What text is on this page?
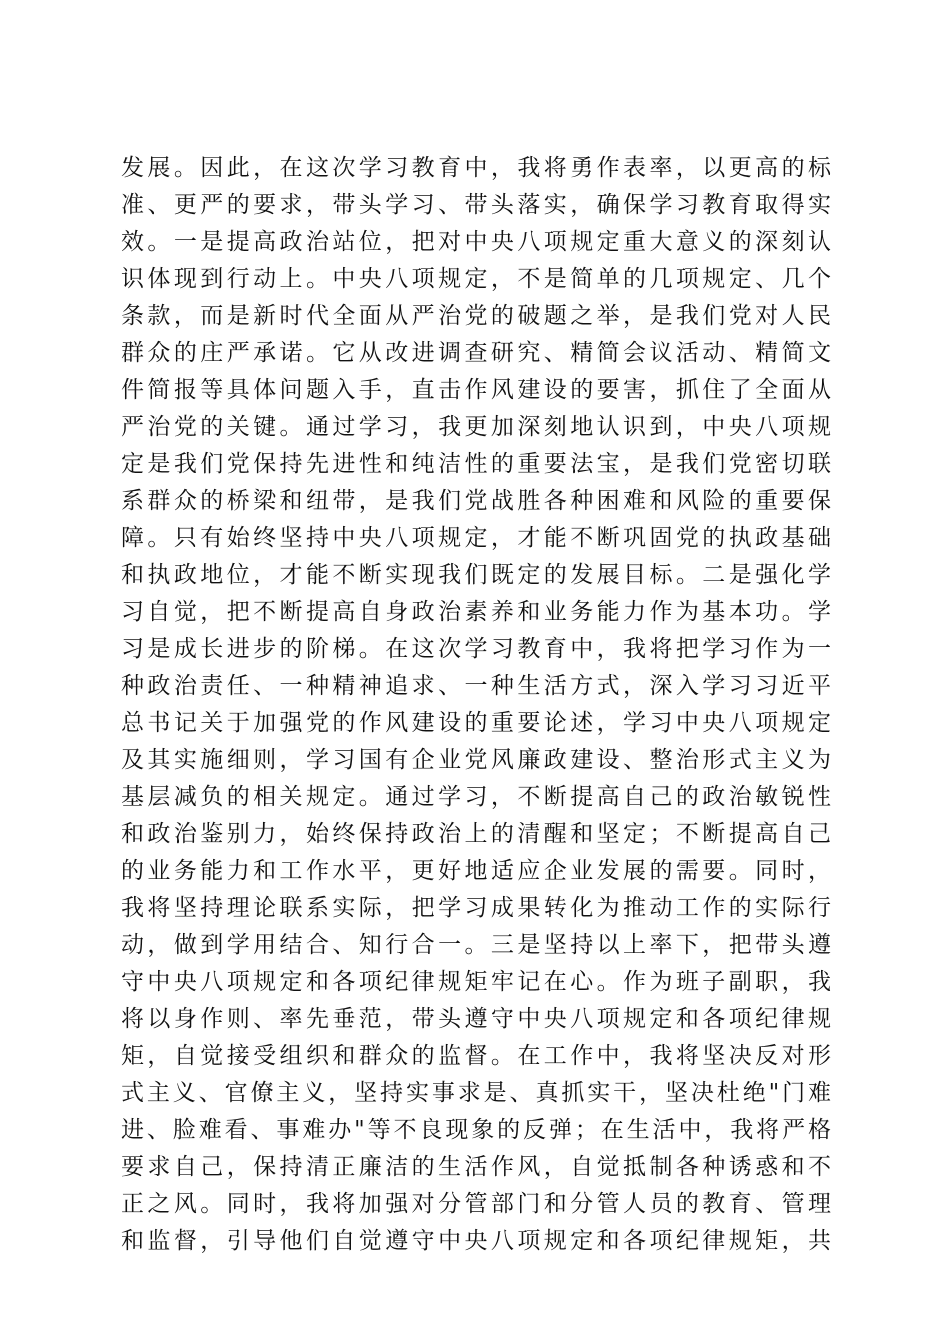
发展。因此，在这次学习教育中，我将勇作表率，以更高的标
准、更严的要求，带头学习、带头落实，确保学习教育取得实
效。一是提高政治站位，把对中央八项规定重大意义的深刻认
识体现到行动上。中央八项规定，不是简单的几项规定、几个
条款，而是新时代全面从严治党的破题之举，是我们党对人民
群众的庄严承诺。它从改进调查研究、精简会议活动、精简文
件简报等具体问题入手，直击作风建设的要害，抓住了全面从
严治党的关键。通过学习，我更加深刻地认识到，中央八项规
定是我们党保持先进性和纯洁性的重要法宝，是我们党密切联
系群众的桥梁和纽带，是我们党战胜各种困难和风险的重要保
障。只有始终坚持中央八项规定，才能不断巩固党的执政基础
和执政地位，才能不断实现我们既定的发展目标。二是强化学
习自觉，把不断提高自身政治素养和业务能力作为基本功。学
习是成长进步的阶梯。在这次学习教育中，我将把学习作为一
种政治责任、一种精神追求、一种生活方式，深入学习习近平
总书记关于加强党的作风建设的重要论述，学习中央八项规定
及其实施细则，学习国有企业党风廉政建设、整治形式主义为
基层减负的相关规定。通过学习，不断提高自己的政治敏锐性
和政治鉴别力，始终保持政治上的清醒和坚定；不断提高自己
的业务能力和工作水平，更好地适应企业发展的需要。同时，
我将坚持理论联系实际，把学习成果转化为推动工作的实际行
动，做到学用结合、知行合一。三是坚持以上率下，把带头遵
守中央八项规定和各项纪律规矩牢记在心。作为班子副职，我
将以身作则、率先垂范，带头遵守中央八项规定和各项纪律规
矩，自觉接受组织和群众的监督。在工作中，我将坚决反对形
式主义、官僚主义，坚持实事求是、真抓实干，坚决杜绝"门难
进、脸难看、事难办"等不良现象的反弹；在生活中，我将严格
要求自己，保持清正廉洁的生活作风，自觉抵制各种诱惑和不
正之风。同时，我将加强对分管部门和分管人员的教育、管理
和监督，引导他们自觉遵守中央八项规定和各项纪律规矩，共
